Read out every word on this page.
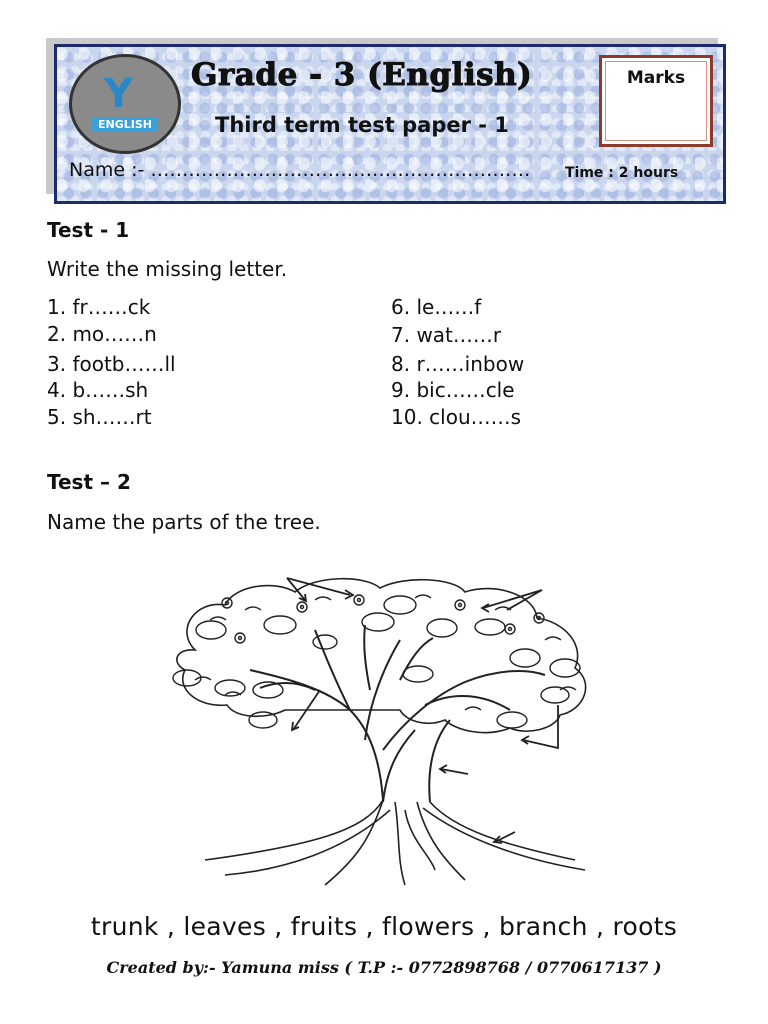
Y
ENGLISH
Grade - 3 (English)
Third term test paper - 1
Name :- …………………………………………………… Time : 2 hours
Marks
Test - 1
Write the missing letter.
1. fr……ck
2. mo……n
3. footb……ll
4. b……sh
5. sh……rt
6. le……f
7. wat……r
8. r……inbow
9. bic……cle
10. clou……s
Test – 2
Name the parts of the tree.
trunk , leaves , fruits , flowers , branch , roots
Created by:- Yamuna miss ( T.P :- 0772898768 / 0770617137 )
